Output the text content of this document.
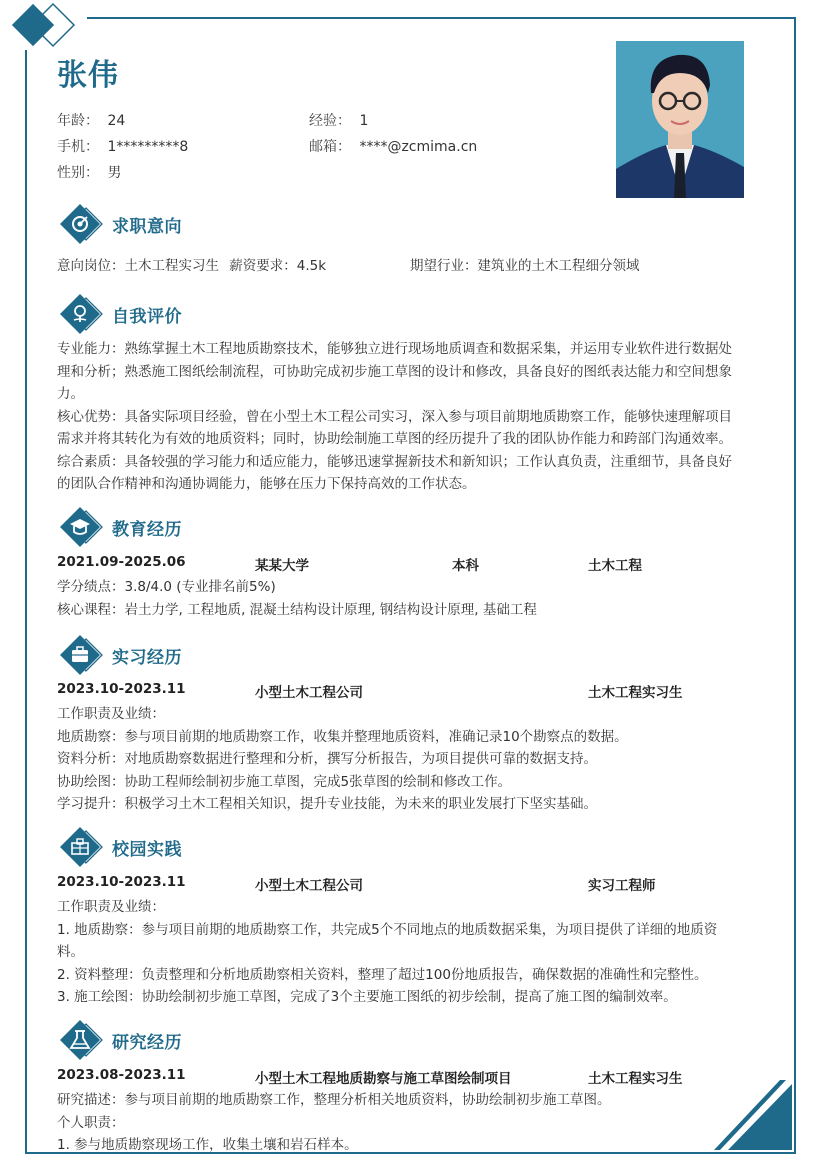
张伟
年龄： 24	经验： 1
手机： 1*********8	邮箱： ****@zcmima.cn
性别： 男
求职意向
意向岗位：土木工程实习生 薪资要求：4.5k	期望行业：建筑业的土木工程细分领域
自我评价
专业能力：熟练掌握土木工程地质勘察技术，能够独立进行现场地质调查和数据采集，并运用专业软件进行数据处
理和分析；熟悉施工图纸绘制流程，可协助完成初步施工草图的设计和修改，具备良好的图纸表达能力和空间想象
力。
核心优势：具备实际项目经验，曾在小型土木工程公司实习，深入参与项目前期地质勘察工作，能够快速理解项目
需求并将其转化为有效的地质资料；同时，协助绘制施工草图的经历提升了我的团队协作能力和跨部门沟通效率。
综合素质：具备较强的学习能力和适应能力，能够迅速掌握新技术和新知识；工作认真负责，注重细节，具备良好
的团队合作精神和沟通协调能力，能够在压力下保持高效的工作状态。
教育经历
2021.09-2025.06	某某大学	本科	土木工程
学分绩点：3.8/4.0 (专业排名前5%)
核心课程：岩土力学, 工程地质, 混凝土结构设计原理, 钢结构设计原理, 基础工程
实习经历
2023.10-2023.11	小型土木工程公司	土木工程实习生
工作职责及业绩：
地质勘察：参与项目前期的地质勘察工作，收集并整理地质资料，准确记录10个勘察点的数据。
资料分析：对地质勘察数据进行整理和分析，撰写分析报告，为项目提供可靠的数据支持。
协助绘图：协助工程师绘制初步施工草图，完成5张草图的绘制和修改工作。
学习提升：积极学习土木工程相关知识，提升专业技能，为未来的职业发展打下坚实基础。
校园实践
2023.10-2023.11	小型土木工程公司	实习工程师
工作职责及业绩：
1. 地质勘察：参与项目前期的地质勘察工作，共完成5个不同地点的地质数据采集，为项目提供了详细的地质资
料。
2. 资料整理：负责整理和分析地质勘察相关资料，整理了超过100份地质报告，确保数据的准确性和完整性。
3. 施工绘图：协助绘制初步施工草图，完成了3个主要施工图纸的初步绘制，提高了施工图的编制效率。
研究经历
2023.08-2023.11	小型土木工程地质勘察与施工草图绘制项目	土木工程实习生
研究描述：参与项目前期的地质勘察工作，整理分析相关地质资料，协助绘制初步施工草图。
个人职责：
1. 参与地质勘察现场工作，收集土壤和岩石样本。
